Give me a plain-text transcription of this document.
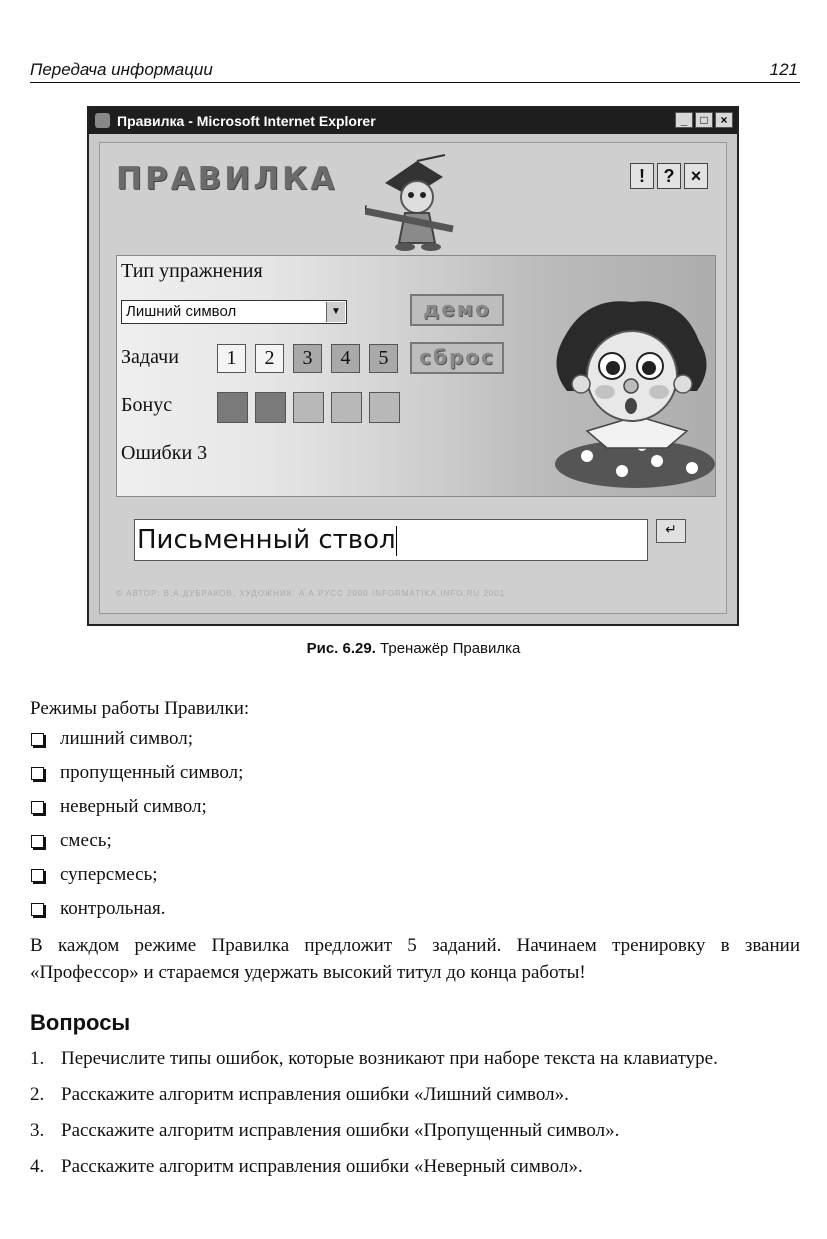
Передача информации	121
Правилка - Microsoft Internet Explorer	_	□	×
ПРАВИЛКА	!	? ×
Тип упражнения
Лишний символ	▼	демо
сброс
Задачи	1	2	3	4	5
Бонус
Ошибки 3
Письменный ствол	↵
© АВТОР: В.А.ДУБРАКОВ, ХУДОЖНИК: А.А.РУСС 2000 INFORMATIKA.INFO.RU 2001
Рис. 6.29. Тренажёр Правилка
Режимы работы Правилки:
лишний символ;
пропущенный символ;
неверный символ;
смесь;
суперсмесь;
контрольная.
В каждом режиме Правилка предложит 5 заданий. Начинаем тренировку в звании «Профессор» и стараемся удержать высокий титул до конца работы!
Вопросы
1. Перечислите типы ошибок, которые возникают при наборе текста на клавиатуре.
2. Расскажите алгоритм исправления ошибки «Лишний символ».
3. Расскажите алгоритм исправления ошибки «Пропущенный символ».
4. Расскажите алгоритм исправления ошибки «Неверный символ».
